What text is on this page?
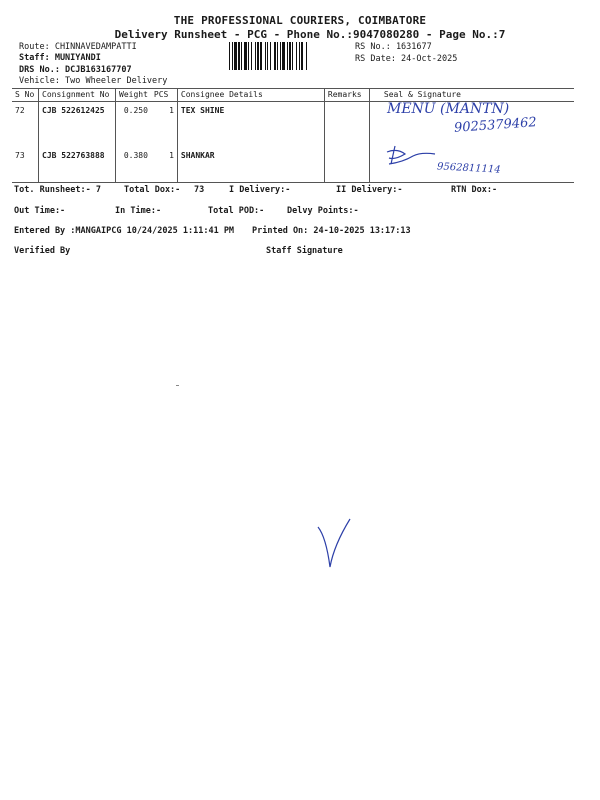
THE PROFESSIONAL COURIERS, COIMBATORE
Delivery Runsheet - PCG - Phone No.:9047080280 - Page No.:7
Route: CHINNAVEDAMPATTI
Staff: MUNIYANDI
DRS No.: DCJB163167707
Vehicle: Two Wheeler Delivery
RS No.: 1631677
RS Date: 24-Oct-2025
S No	Consignment No	Weight	PCS	Consignee Details	Remarks	Seal & Signature
72	CJB 522612425	0.250	1	TEX SHINE		
73	CJB 522763888	0.380	1	SHANKAR		
MENU (MANTN)
9025379462
9562811114
Tot. Runsheet:- 7	Total Dox:- 73	I Delivery:-	II Delivery:-	RTN Dox:-
Out Time:-	In Time:-	Total POD:-	Delvy Points:-
Entered By :MANGAIPCG 10/24/2025 1:11:41 PM Printed On: 24-10-2025 13:17:13
Verified By	Staff Signature
